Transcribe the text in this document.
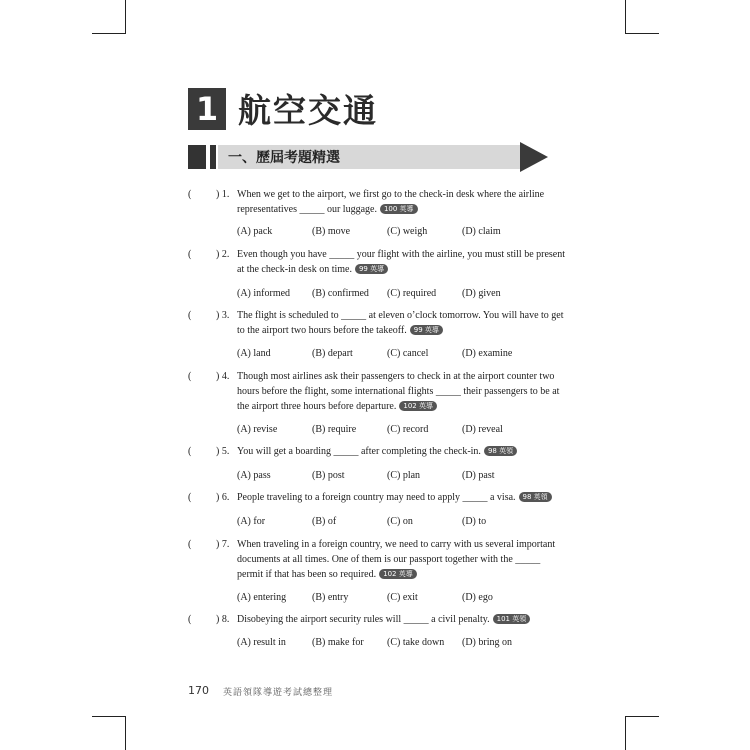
1 航空交通
一、歷屆考題精選
( ) 1. When we get to the airport, we first go to the check-in desk where the airline representatives _____ our luggage. 100 英導
(A) pack	(B) move	(C) weigh	(D) claim
( ) 2. Even though you have _____ your flight with the airline, you must still be present at the check-in desk on time. 99 英導
(A) informed	(B) confirmed	(C) required	(D) given
( ) 3. The flight is scheduled to _____ at eleven o’clock tomorrow. You will have to get to the airport two hours before the takeoff. 99 英導
(A) land	(B) depart	(C) cancel	(D) examine
( ) 4. Though most airlines ask their passengers to check in at the airport counter two hours before the flight, some international flights _____ their passengers to be at the airport three hours before departure. 102 英導
(A) revise	(B) require	(C) record	(D) reveal
( ) 5. You will get a boarding _____ after completing the check-in. 98 英領
(A) pass	(B) post	(C) plan	(D) past
( ) 6. People traveling to a foreign country may need to apply _____ a visa. 98 英領
(A) for	(B) of	(C) on	(D) to
( ) 7. When traveling in a foreign country, we need to carry with us several important documents at all times. One of them is our passport together with the _____ permit if that has been so required. 102 英導
(A) entering	(B) entry	(C) exit	(D) ego
( ) 8. Disobeying the airport security rules will _____ a civil penalty. 101 英領
(A) result in	(B) make for	(C) take down	(D) bring on
170 英語領隊導遊考試總整理
